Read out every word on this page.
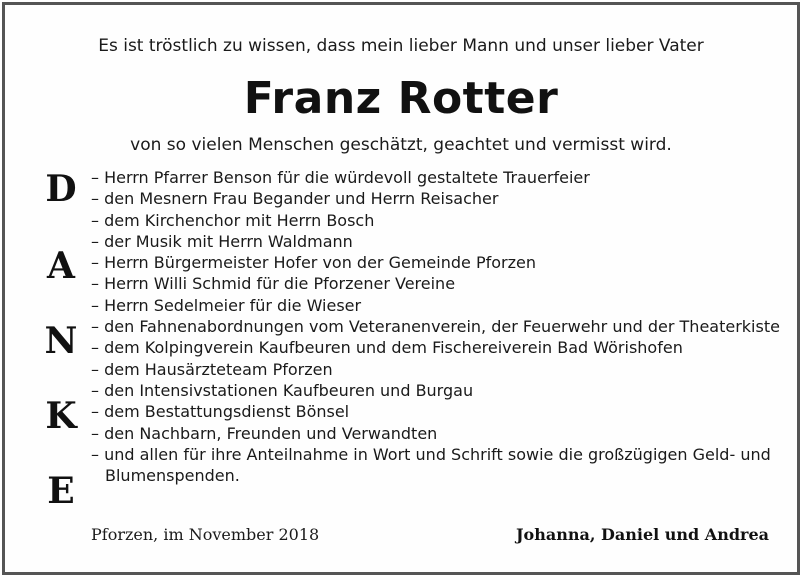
Es ist tröstlich zu wissen, dass mein lieber Mann und unser lieber Vater
Franz Rotter
von so vielen Menschen geschätzt, geachtet und vermisst wird.
D
A
N
K
E
– Herrn Pfarrer Benson für die würdevoll gestaltete Trauerfeier
– den Mesnern Frau Begander und Herrn Reisacher
– dem Kirchenchor mit Herrn Bosch
– der Musik mit Herrn Waldmann
– Herrn Bürgermeister Hofer von der Gemeinde Pforzen
– Herrn Willi Schmid für die Pforzener Vereine
– Herrn Sedelmeier für die Wieser
– den Fahnenabordnungen vom Veteranenverein, der Feuerwehr und der Theaterkiste
– dem Kolpingverein Kaufbeuren und dem Fischereiverein Bad Wörishofen
– dem Hausärzteteam Pforzen
– den Intensivstationen Kaufbeuren und Burgau
– dem Bestattungsdienst Bönsel
– den Nachbarn, Freunden und Verwandten
– und allen für ihre Anteilnahme in Wort und Schrift sowie die großzügigen Geld- und Blumenspenden.
Pforzen, im November 2018	Johanna, Daniel und Andrea
